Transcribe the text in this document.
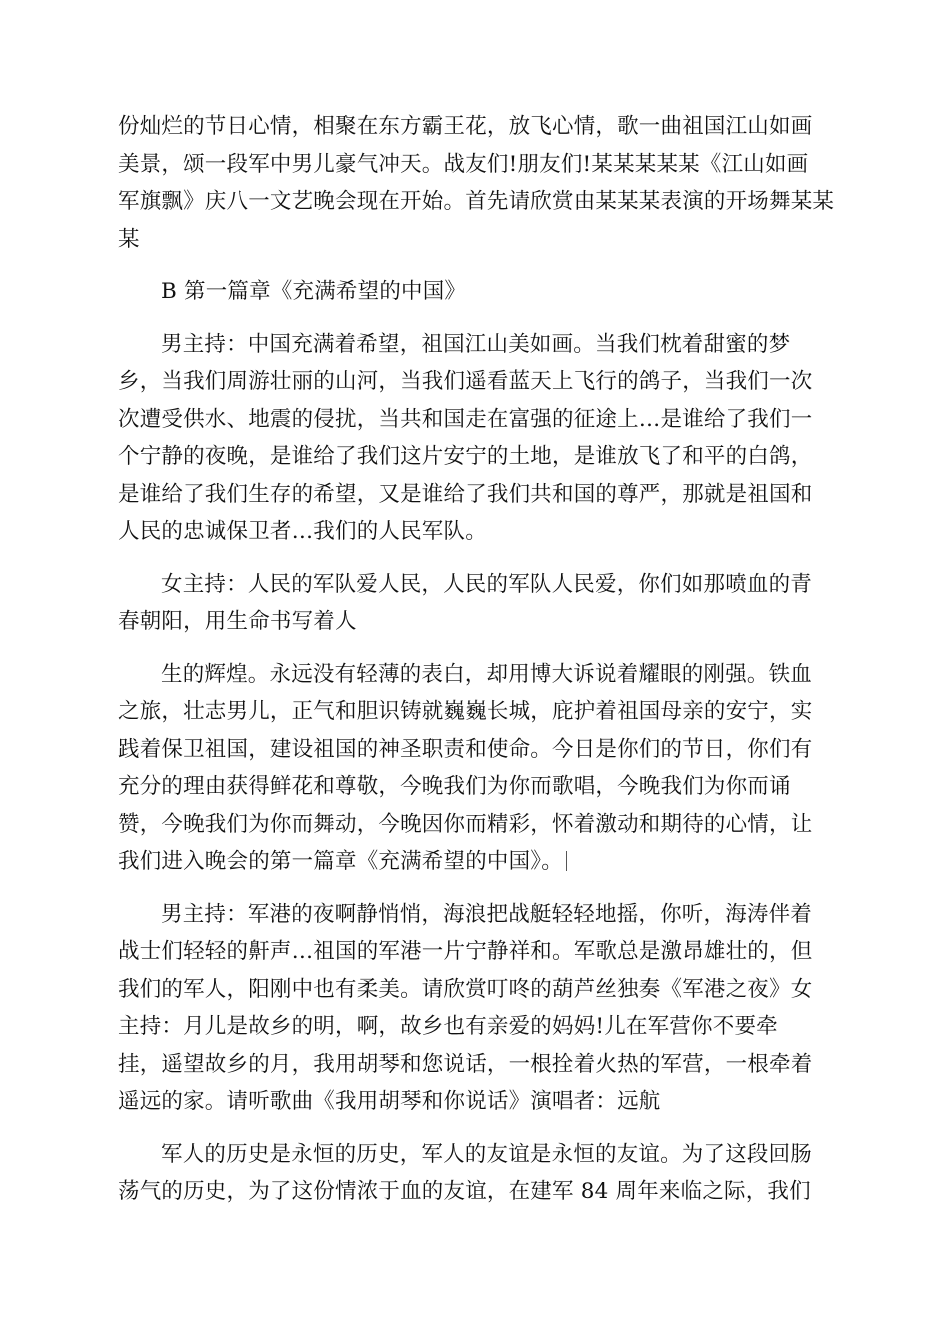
份灿烂的节日心情，相聚在东方霸王花，放飞心情，歌一曲祖国江山如画
美景，颂一段军中男儿豪气冲天。战友们!朋友们!某某某某某《江山如画
军旗飘》庆八一文艺晚会现在开始。首先请欣赏由某某某表演的开场舞某某
某

B 第一篇章《充满希望的中国》

男主持：中国充满着希望，祖国江山美如画。当我们枕着甜蜜的梦
乡，当我们周游壮丽的山河，当我们遥看蓝天上飞行的鸽子，当我们一次
次遭受供水、地震的侵扰，当共和国走在富强的征途上…是谁给了我们一
个宁静的夜晚，是谁给了我们这片安宁的土地，是谁放飞了和平的白鸽，
是谁给了我们生存的希望，又是谁给了我们共和国的尊严，那就是祖国和
人民的忠诚保卫者…我们的人民军队。

女主持：人民的军队爱人民，人民的军队人民爱，你们如那喷血的青
春朝阳，用生命书写着人

生的辉煌。永远没有轻薄的表白，却用博大诉说着耀眼的刚强。铁血
之旅，壮志男儿，正气和胆识铸就巍巍长城，庇护着祖国母亲的安宁，实
践着保卫祖国，建设祖国的神圣职责和使命。今日是你们的节日，你们有
充分的理由获得鲜花和尊敬，今晚我们为你而歌唱，今晚我们为你而诵
赞，今晚我们为你而舞动，今晚因你而精彩，怀着激动和期待的心情，让
我们进入晚会的第一篇章《充满希望的中国》。

男主持：军港的夜啊静悄悄，海浪把战艇轻轻地摇，你听，海涛伴着
战士们轻轻的鼾声…祖国的军港一片宁静祥和。军歌总是激昂雄壮的，但
我们的军人，阳刚中也有柔美。请欣赏叮咚的葫芦丝独奏《军港之夜》女
主持：月儿是故乡的明，啊，故乡也有亲爱的妈妈!儿在军营你不要牵
挂，遥望故乡的月，我用胡琴和您说话，一根拴着火热的军营，一根牵着
遥远的家。请听歌曲《我用胡琴和你说话》演唱者：远航

军人的历史是永恒的历史，军人的友谊是永恒的友谊。为了这段回肠
荡气的历史，为了这份情浓于血的友谊，在建军 84 周年来临之际，我们
